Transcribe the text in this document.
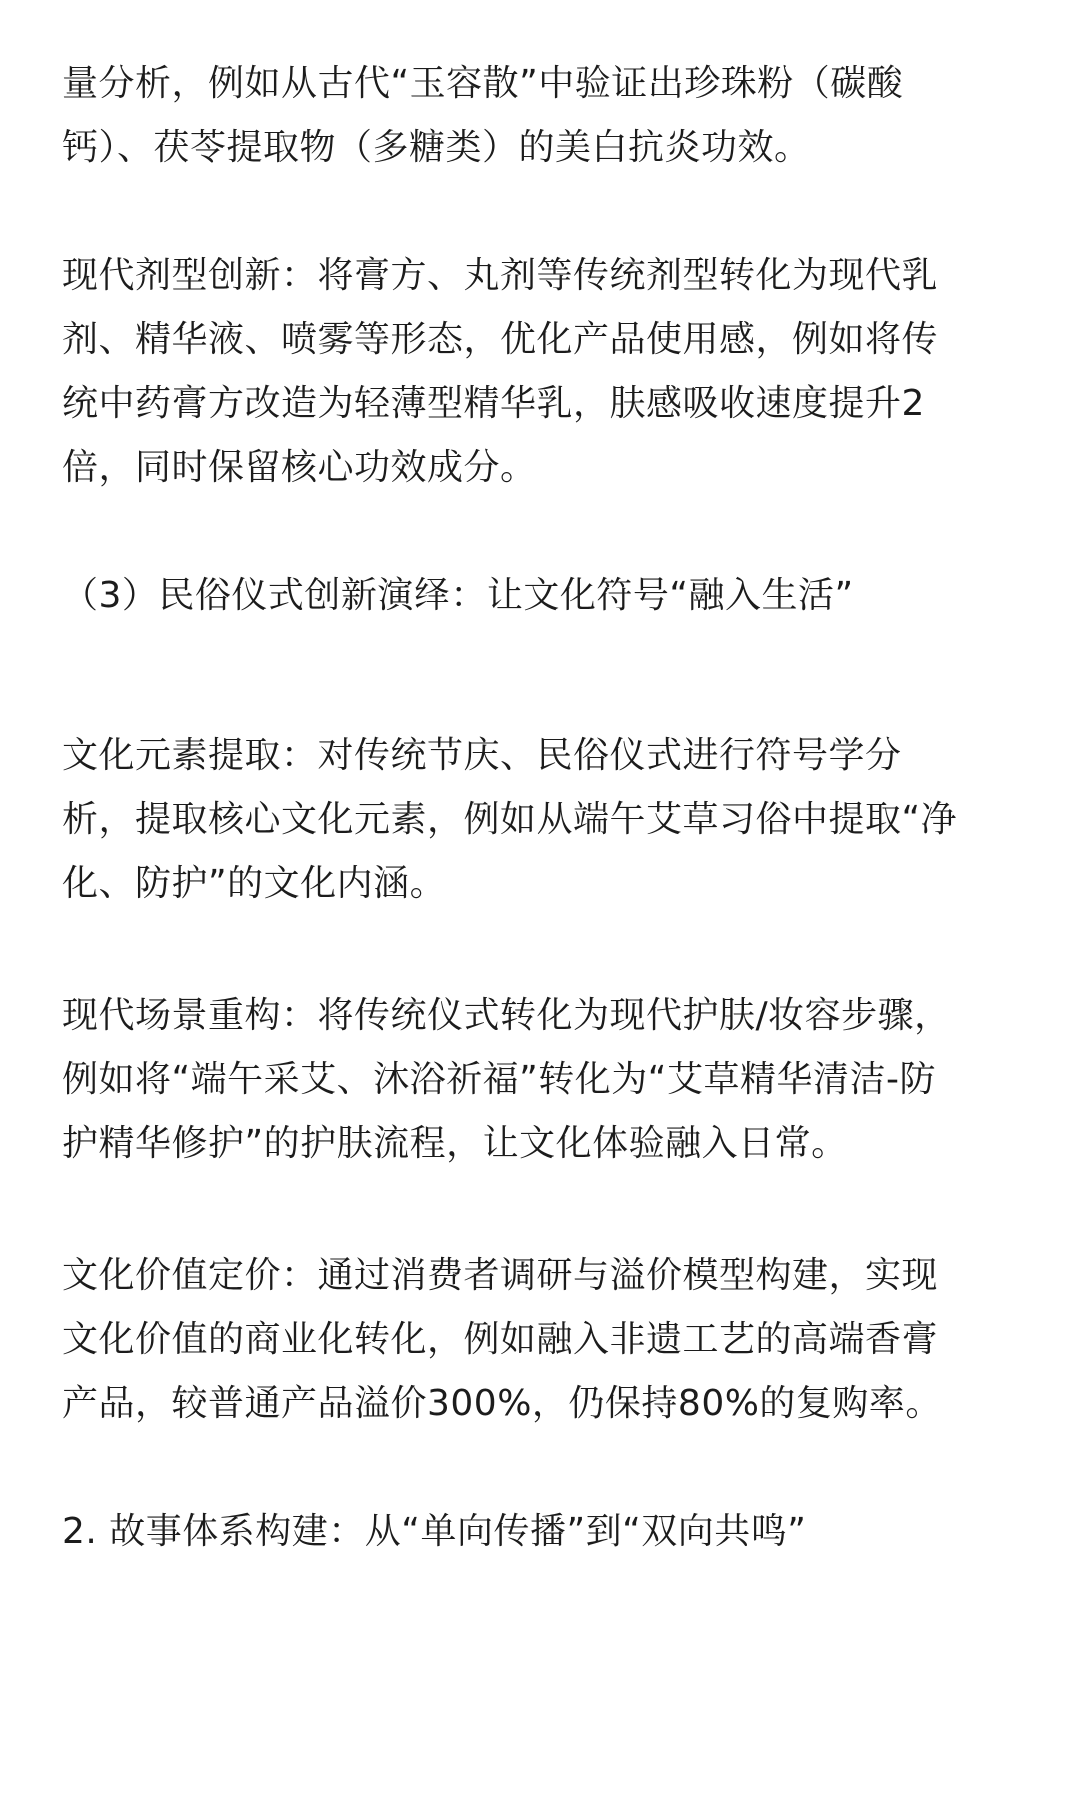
量分析，例如从古代“玉容散”中验证出珍珠粉（碳酸
钙）、茯苓提取物（多糖类）的美白抗炎功效。
现代剂型创新：将膏方、丸剂等传统剂型转化为现代乳
剂、精华液、喷雾等形态，优化产品使用感，例如将传
统中药膏方改造为轻薄型精华乳，肤感吸收速度提升2
倍，同时保留核心功效成分。
（3）民俗仪式创新演绎：让文化符号“融入生活”
文化元素提取：对传统节庆、民俗仪式进行符号学分
析，提取核心文化元素，例如从端午艾草习俗中提取“净
化、防护”的文化内涵。
现代场景重构：将传统仪式转化为现代护肤/妆容步骤，
例如将“端午采艾、沐浴祈福”转化为“艾草精华清洁-防
护精华修护”的护肤流程，让文化体验融入日常。
文化价值定价：通过消费者调研与溢价模型构建，实现
文化价值的商业化转化，例如融入非遗工艺的高端香膏
产品，较普通产品溢价300%，仍保持80%的复购率。
2. 故事体系构建：从“单向传播”到“双向共鸣”
